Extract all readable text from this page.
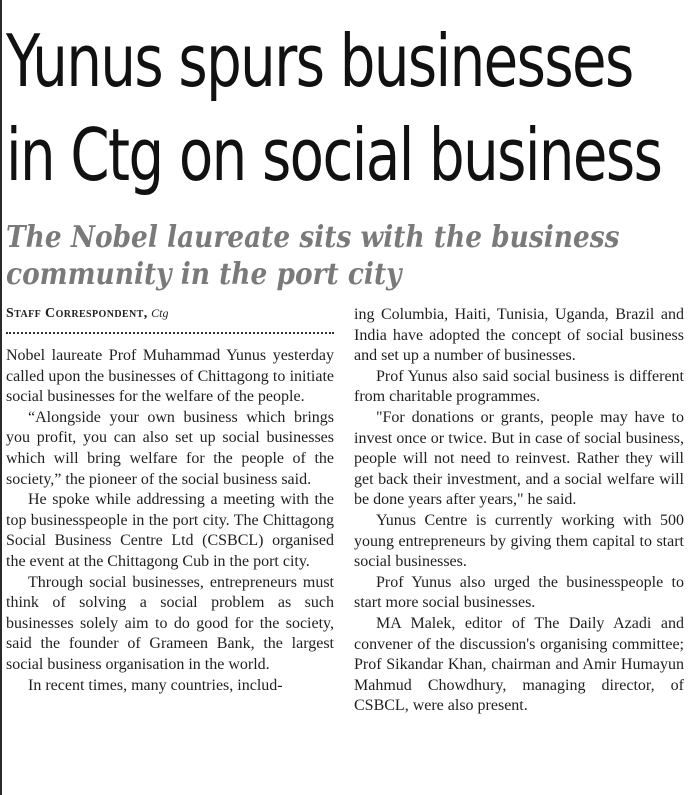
Yunus spurs businesses
in Ctg on social business
The Nobel laureate sits with the business
community in the port city
Staff Correspondent, Ctg

Nobel laureate Prof Muhammad Yunus yesterday called upon the businesses of Chittagong to initiate social businesses for the welfare of the people.

“Alongside your own business which brings you profit, you can also set up social businesses which will bring welfare for the people of the society,” the pioneer of the social business said.

He spoke while addressing a meeting with the top businesspeople in the port city. The Chittagong Social Business Centre Ltd (CSBCL) organised the event at the Chittagong Cub in the port city.

Through social businesses, entrepreneurs must think of solving a social problem as such businesses solely aim to do good for the society, said the founder of Grameen Bank, the largest social business organisation in the world.

In recent times, many countries, includ-

ing Columbia, Haiti, Tunisia, Uganda, Brazil and India have adopted the concept of social business and set up a number of businesses.

Prof Yunus also said social business is different from charitable programmes.

"For donations or grants, people may have to invest once or twice. But in case of social business, people will not need to reinvest. Rather they will get back their investment, and a social welfare will be done years after years," he said.

Yunus Centre is currently working with 500 young entrepreneurs by giving them capital to start social businesses.

Prof Yunus also urged the businesspeople to start more social businesses.

MA Malek, editor of The Daily Azadi and convener of the discussion's organising committee; Prof Sikandar Khan, chairman and Amir Humayun Mahmud Chowdhury, managing director, of CSBCL, were also present.
